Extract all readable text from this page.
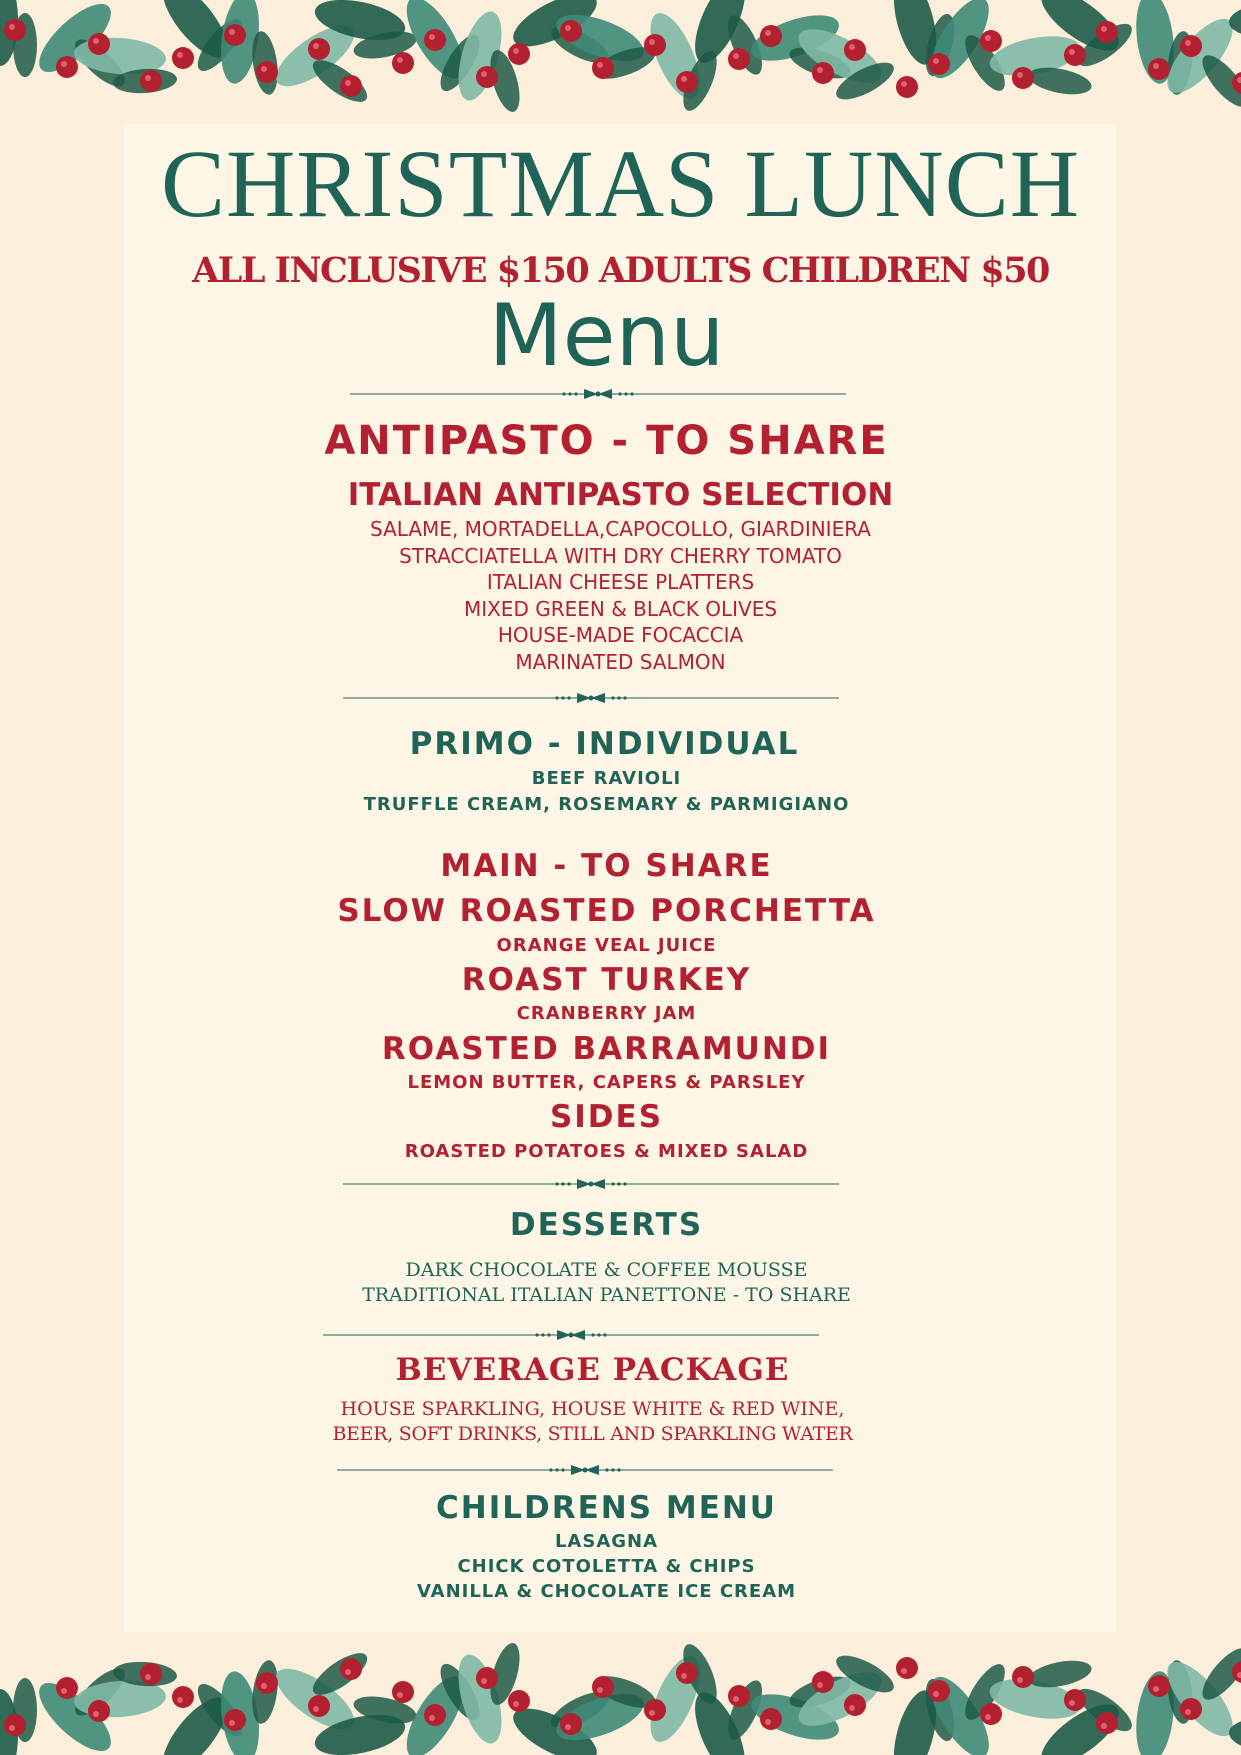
CHRISTMAS LUNCH
ALL INCLUSIVE $150 ADULTS CHILDREN $50
Menu
ANTIPASTO - TO SHARE
ITALIAN ANTIPASTO SELECTION
SALAME, MORTADELLA,CAPOCOLLO, GIARDINIERA
STRACCIATELLA WITH DRY CHERRY TOMATO
ITALIAN CHEESE PLATTERS
MIXED GREEN & BLACK OLIVES
HOUSE-MADE FOCACCIA
MARINATED SALMON
PRIMO - INDIVIDUAL
BEEF RAVIOLI
TRUFFLE CREAM, ROSEMARY & PARMIGIANO
MAIN - TO SHARE
SLOW ROASTED PORCHETTA
ORANGE VEAL JUICE
ROAST TURKEY
CRANBERRY JAM
ROASTED BARRAMUNDI
LEMON BUTTER, CAPERS & PARSLEY
SIDES
ROASTED POTATOES & MIXED SALAD
DESSERTS
DARK CHOCOLATE & COFFEE MOUSSE
TRADITIONAL ITALIAN PANETTONE - TO SHARE
BEVERAGE PACKAGE
HOUSE SPARKLING, HOUSE WHITE & RED WINE,
BEER, SOFT DRINKS, STILL AND SPARKLING WATER
CHILDRENS MENU
LASAGNA
CHICK COTOLETTA & CHIPS
VANILLA & CHOCOLATE ICE CREAM
